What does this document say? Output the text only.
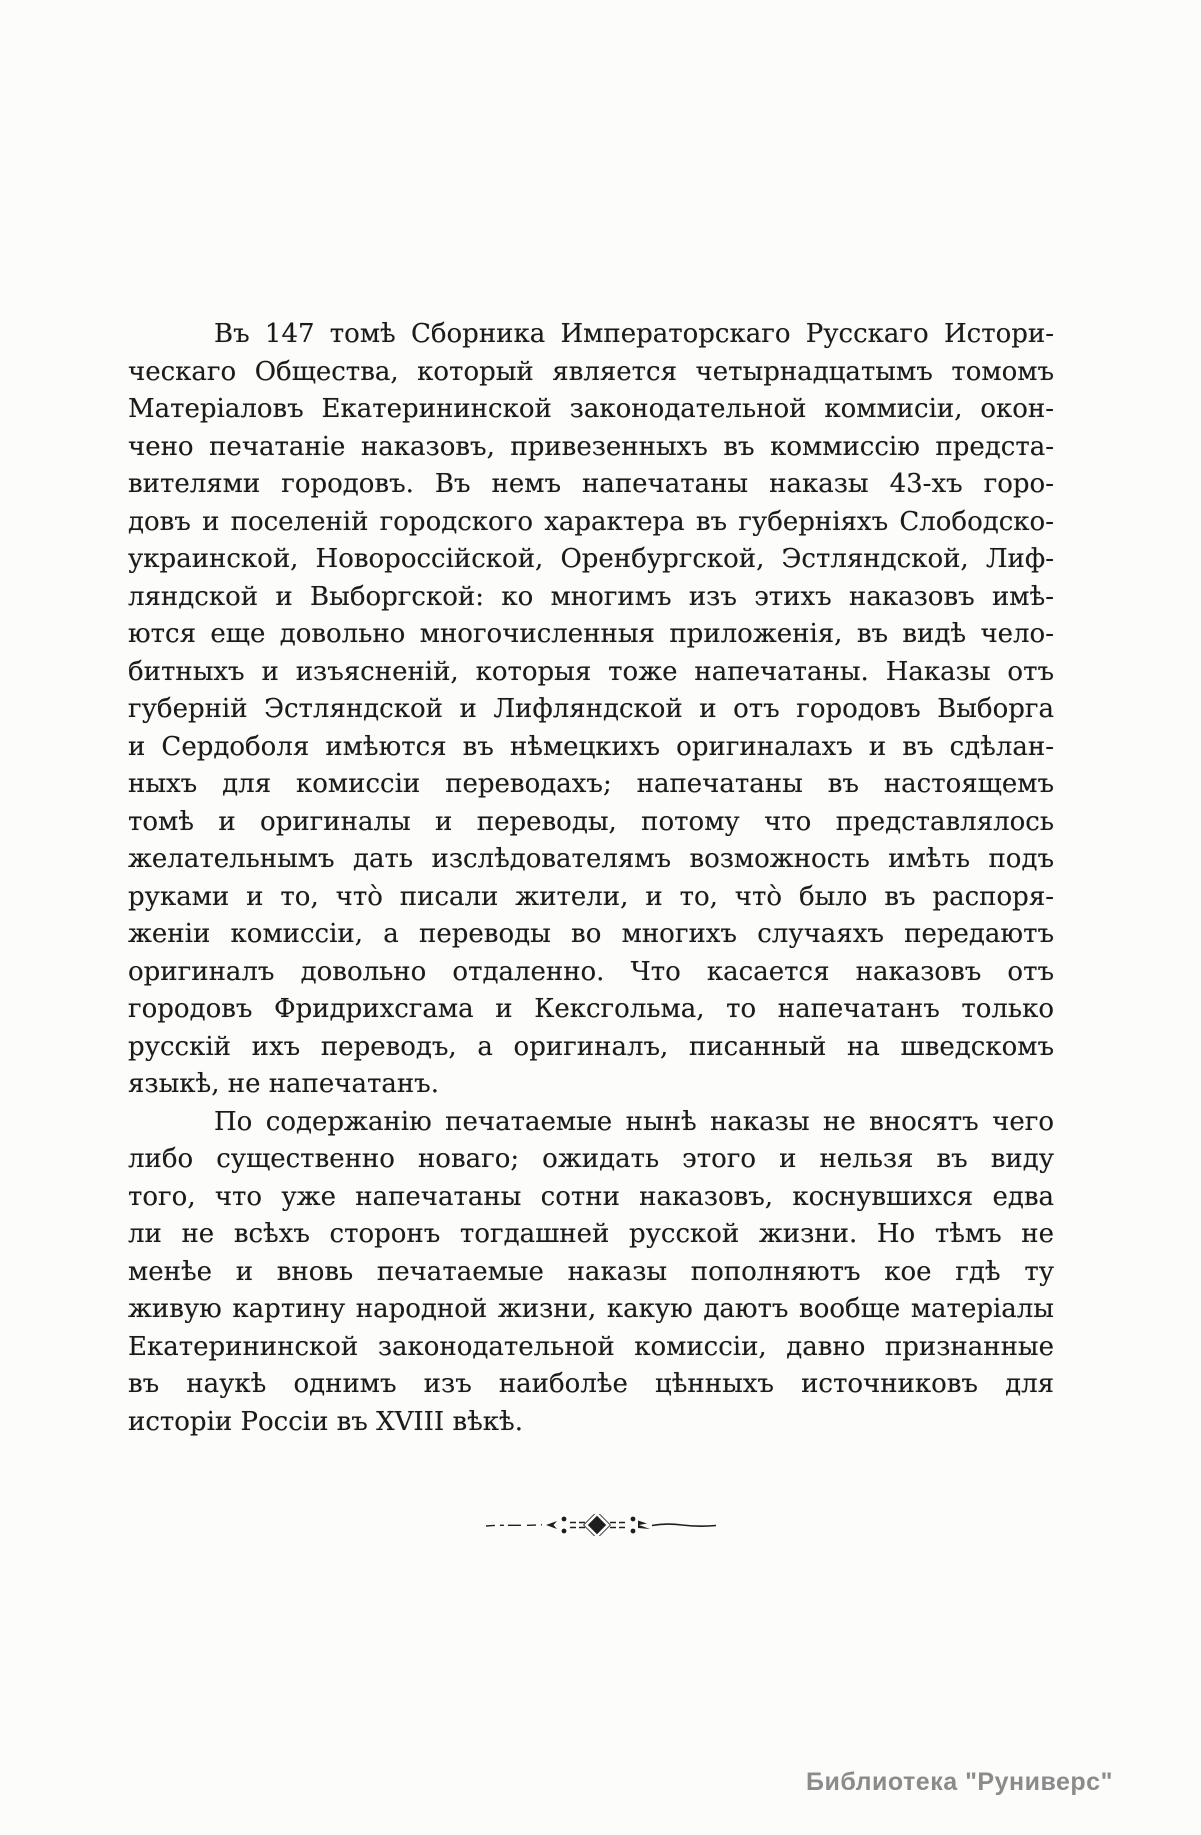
Въ 147 томѣ Сборника Императорскаго Русскаго Истори-
ческаго Общества, который является четырнадцатымъ томомъ
Матеріаловъ Екатерининской законодательной коммисіи, окон-
чено печатаніе наказовъ, привезенныхъ въ коммиссію предста-
вителями городовъ. Въ немъ напечатаны наказы 43-хъ горо-
довъ и поселеній городского характера въ губерніяхъ Слободско-
украинской, Новороссійской, Оренбургской, Эстляндской, Лиф-
ляндской и Выборгской: ко многимъ изъ этихъ наказовъ имѣ-
ются еще довольно многочисленныя приложенія, въ видѣ чело-
битныхъ и изъясненій, которыя тоже напечатаны. Наказы отъ
губерній Эстляндской и Лифляндской и отъ городовъ Выборга
и Сердоболя имѣются въ нѣмецкихъ оригиналахъ и въ сдѣлан-
ныхъ для комиссіи переводахъ; напечатаны въ настоящемъ
томѣ и оригиналы и переводы, потому что представлялось
желательнымъ дать изслѣдователямъ возможность имѣть подъ
руками и то, что̀ писали жители, и то, что̀ было въ распоря-
женіи комиссіи, а переводы во многихъ случаяхъ передаютъ
оригиналъ довольно отдаленно. Что касается наказовъ отъ
городовъ Фридрихсгама и Кексгольма, то напечатанъ только
русскій ихъ переводъ, а оригиналъ, писанный на шведскомъ
языкѣ, не напечатанъ.
По содержанію печатаемые нынѣ наказы не вносятъ чего
либо существенно новаго; ожидать этого и нельзя въ виду
того, что уже напечатаны сотни наказовъ, коснувшихся едва
ли не всѣхъ сторонъ тогдашней русской жизни. Но тѣмъ не
менѣе и вновь печатаемые наказы пополняютъ кое гдѣ ту
живую картину народной жизни, какую даютъ вообще матеріалы
Екатерининской законодательной комиссіи, давно признанные
въ наукѣ однимъ изъ наиболѣе цѣнныхъ источниковъ для
исторіи Россіи въ XVIII вѣкѣ.
Библиотека "Руниверс"
